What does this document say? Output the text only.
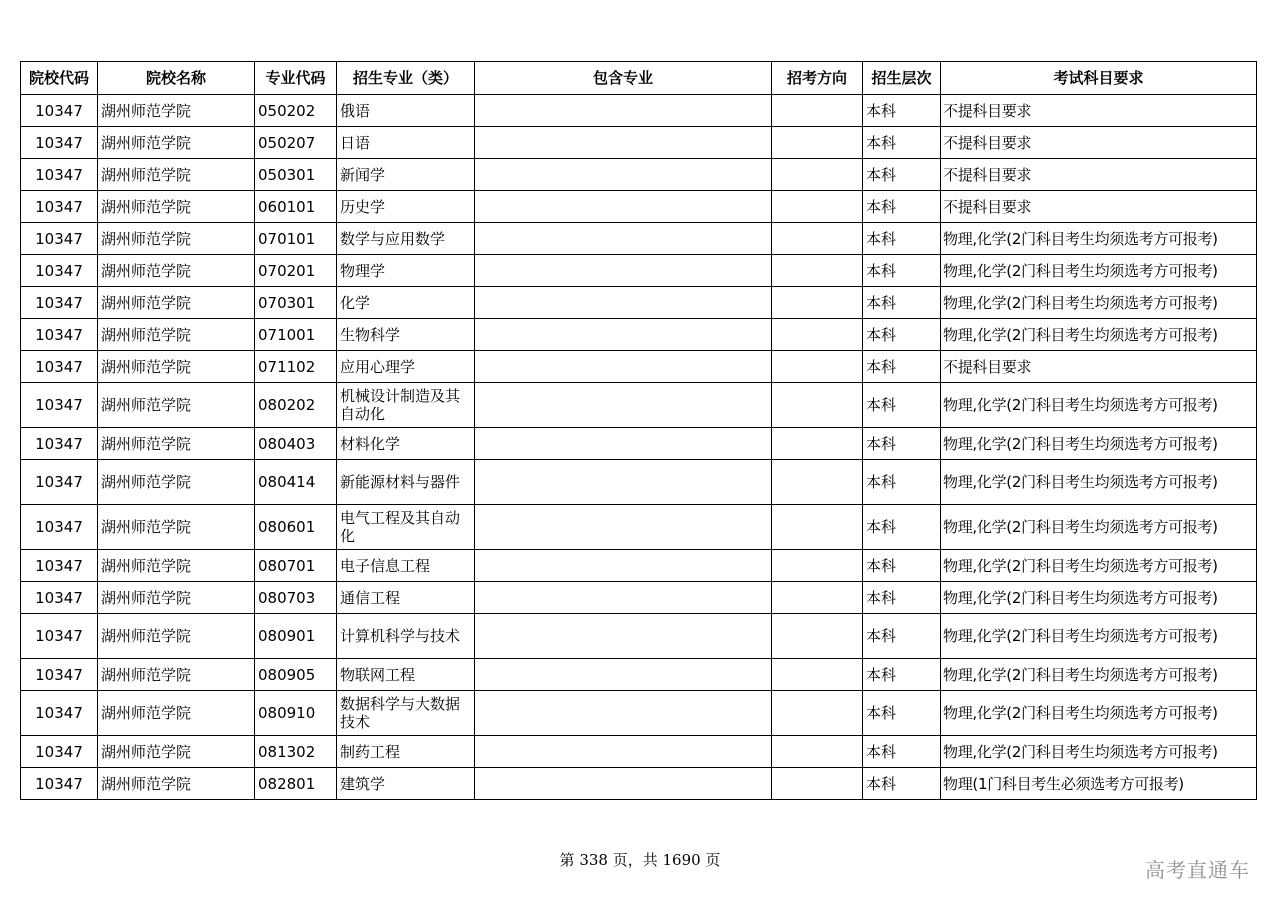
院校代码	院校名称	专业代码	招生专业（类）	包含专业	招考方向	招生层次	考试科目要求
10347	湖州师范学院	050202	俄语			本科	不提科目要求
10347	湖州师范学院	050207	日语			本科	不提科目要求
10347	湖州师范学院	050301	新闻学			本科	不提科目要求
10347	湖州师范学院	060101	历史学			本科	不提科目要求
10347	湖州师范学院	070101	数学与应用数学			本科	物理,化学(2门科目考生均须选考方可报考)
10347	湖州师范学院	070201	物理学			本科	物理,化学(2门科目考生均须选考方可报考)
10347	湖州师范学院	070301	化学			本科	物理,化学(2门科目考生均须选考方可报考)
10347	湖州师范学院	071001	生物科学			本科	物理,化学(2门科目考生均须选考方可报考)
10347	湖州师范学院	071102	应用心理学			本科	不提科目要求
10347	湖州师范学院	080202	机械设计制造及其自动化			本科	物理,化学(2门科目考生均须选考方可报考)
10347	湖州师范学院	080403	材料化学			本科	物理,化学(2门科目考生均须选考方可报考)
10347	湖州师范学院	080414	新能源材料与器件			本科	物理,化学(2门科目考生均须选考方可报考)
10347	湖州师范学院	080601	电气工程及其自动化			本科	物理,化学(2门科目考生均须选考方可报考)
10347	湖州师范学院	080701	电子信息工程			本科	物理,化学(2门科目考生均须选考方可报考)
10347	湖州师范学院	080703	通信工程			本科	物理,化学(2门科目考生均须选考方可报考)
10347	湖州师范学院	080901	计算机科学与技术			本科	物理,化学(2门科目考生均须选考方可报考)
10347	湖州师范学院	080905	物联网工程			本科	物理,化学(2门科目考生均须选考方可报考)
10347	湖州师范学院	080910	数据科学与大数据技术			本科	物理,化学(2门科目考生均须选考方可报考)
10347	湖州师范学院	081302	制药工程			本科	物理,化学(2门科目考生均须选考方可报考)
10347	湖州师范学院	082801	建筑学			本科	物理(1门科目考生必须选考方可报考)
第 338 页，共 1690 页	高考直通车
